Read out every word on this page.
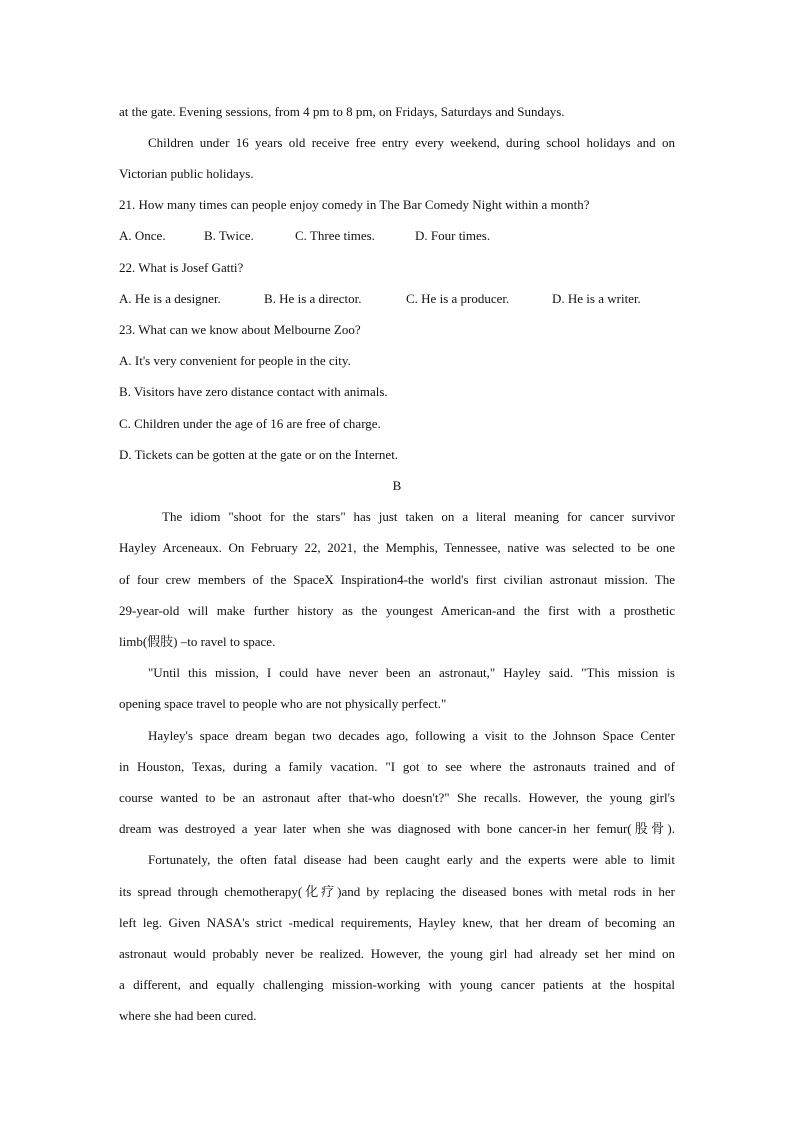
at the gate. Evening sessions, from 4 pm to 8 pm, on Fridays, Saturdays and Sundays.
Children under 16 years old receive free entry every weekend, during school holidays and on
Victorian public holidays.
21. How many times can people enjoy comedy in The Bar Comedy Night within a month?
A. Once.	B. Twice.	C. Three times.	D. Four times.
22. What is Josef Gatti?
A. He is a designer.	B. He is a director.	C. He is a producer.	D. He is a writer.
23. What can we know about Melbourne Zoo?
A. It's very convenient for people in the city.
B. Visitors have zero distance contact with animals.
C. Children under the age of 16 are free of charge.
D. Tickets can be gotten at the gate or on the Internet.
B
The idiom "shoot for the stars" has just taken on a literal meaning for cancer survivor
Hayley Arceneaux. On February 22, 2021, the Memphis, Tennessee, native was selected to be one
of four crew members of the SpaceX Inspiration4-the world's first civilian astronaut mission. The
29-year-old will make further history as the youngest American-and the first with a prosthetic
limb(假肢) –to ravel to space.
"Until this mission, I could have never been an astronaut," Hayley said. "This mission is
opening space travel to people who are not physically perfect."
Hayley's space dream began two decades ago, following a visit to the Johnson Space Center
in Houston, Texas, during a family vacation. "I got to see where the astronauts trained and of
course wanted to be an astronaut after that-who doesn't?" She recalls. However, the young girl's
dream was destroyed a year later when she was diagnosed with bone cancer-in her femur(股骨).
Fortunately, the often fatal disease had been caught early and the experts were able to limit
its spread through chemotherapy(化疗)and by replacing the diseased bones with metal rods in her
left leg. Given NASA's strict -medical requirements, Hayley knew, that her dream of becoming an
astronaut would probably never be realized. However, the young girl had already set her mind on
a different, and equally challenging mission-working with young cancer patients at the hospital
where she had been cured.
